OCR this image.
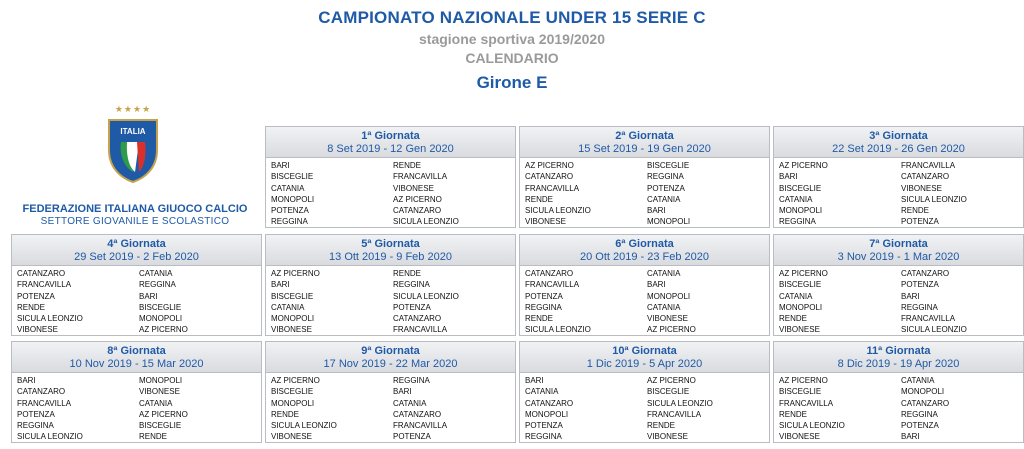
CAMPIONATO NAZIONALE UNDER 15 SERIE C
stagione sportiva 2019/2020
CALENDARIO
Girone E
★★★★
ITALIA
FEDERAZIONE ITALIANA GIUOCO CALCIO
SETTORE GIOVANILE E SCOLASTICO
1ª Giornata
8 Set 2019 - 12 Gen 2020
BARI	RENDE
BISCEGLIE	FRANCAVILLA
CATANIA	VIBONESE
MONOPOLI	AZ PICERNO
POTENZA	CATANZARO
REGGINA	SICULA LEONZIO
2ª Giornata
15 Set 2019 - 19 Gen 2020
AZ PICERNO	BISCEGLIE
CATANZARO	REGGINA
FRANCAVILLA	POTENZA
RENDE	CATANIA
SICULA LEONZIO	BARI
VIBONESE	MONOPOLI
3ª Giornata
22 Set 2019 - 26 Gen 2020
AZ PICERNO	FRANCAVILLA
BARI	CATANZARO
BISCEGLIE	VIBONESE
CATANIA	SICULA LEONZIO
MONOPOLI	RENDE
REGGINA	POTENZA
4ª Giornata
29 Set 2019 - 2 Feb 2020
CATANZARO	CATANIA
FRANCAVILLA	REGGINA
POTENZA	BARI
RENDE	BISCEGLIE
SICULA LEONZIO	MONOPOLI
VIBONESE	AZ PICERNO
5ª Giornata
13 Ott 2019 - 9 Feb 2020
AZ PICERNO	RENDE
BARI	REGGINA
BISCEGLIE	SICULA LEONZIO
CATANIA	POTENZA
MONOPOLI	CATANZARO
VIBONESE	FRANCAVILLA
6ª Giornata
20 Ott 2019 - 23 Feb 2020
CATANZARO	CATANIA
FRANCAVILLA	BARI
POTENZA	MONOPOLI
REGGINA	CATANIA
RENDE	VIBONESE
SICULA LEONZIO	AZ PICERNO
7ª Giornata
3 Nov 2019 - 1 Mar 2020
AZ PICERNO	CATANZARO
BISCEGLIE	POTENZA
CATANIA	BARI
MONOPOLI	REGGINA
RENDE	FRANCAVILLA
VIBONESE	SICULA LEONZIO
8ª Giornata
10 Nov 2019 - 15 Mar 2020
BARI	MONOPOLI
CATANZARO	VIBONESE
FRANCAVILLA	CATANIA
POTENZA	AZ PICERNO
REGGINA	BISCEGLIE
SICULA LEONZIO	RENDE
9ª Giornata
17 Nov 2019 - 22 Mar 2020
AZ PICERNO	REGGINA
BISCEGLIE	BARI
MONOPOLI	CATANIA
RENDE	CATANZARO
SICULA LEONZIO	FRANCAVILLA
VIBONESE	POTENZA
10ª Giornata
1 Dic 2019 - 5 Apr 2020
BARI	AZ PICERNO
CATANIA	BISCEGLIE
CATANZARO	SICULA LEONZIO
MONOPOLI	FRANCAVILLA
POTENZA	RENDE
REGGINA	VIBONESE
11ª Giornata
8 Dic 2019 - 19 Apr 2020
AZ PICERNO	CATANIA
BISCEGLIE	MONOPOLI
FRANCAVILLA	CATANZARO
RENDE	REGGINA
SICULA LEONZIO	POTENZA
VIBONESE	BARI
